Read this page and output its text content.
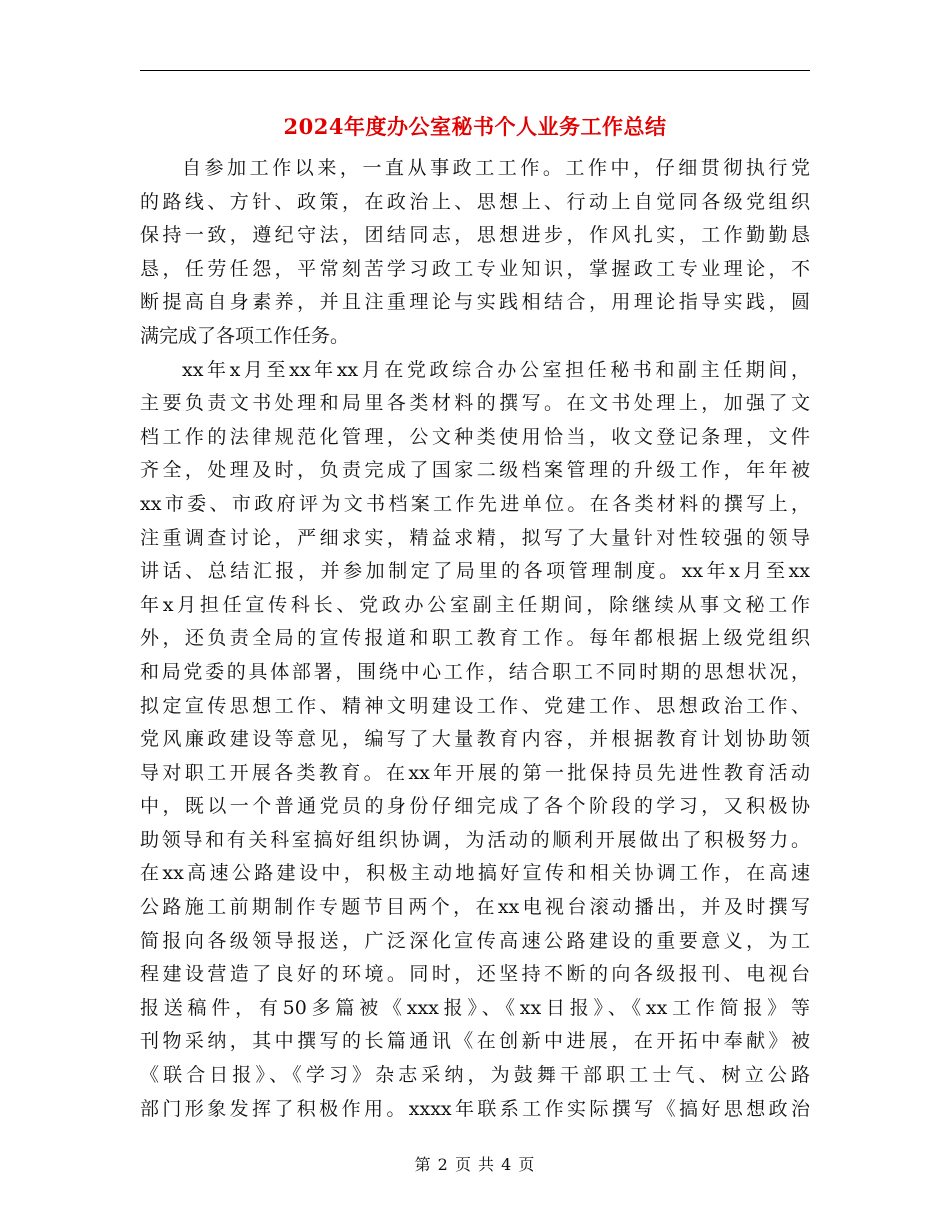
2024年度办公室秘书个人业务工作总结
自参加工作以来，一直从事政工工作。工作中，仔细贯彻执行党
的路线、方针、政策，在政治上、思想上、行动上自觉同各级党组织
保持一致，遵纪守法，团结同志，思想进步，作风扎实，工作勤勤恳
恳，任劳任怨，平常刻苦学习政工专业知识，掌握政工专业理论，不
断提高自身素养，并且注重理论与实践相结合，用理论指导实践，圆
满完成了各项工作任务。
xx年x月至xx年xx月在党政综合办公室担任秘书和副主任期间，
主要负责文书处理和局里各类材料的撰写。在文书处理上，加强了文
档工作的法律规范化管理，公文种类使用恰当，收文登记条理，文件
齐全，处理及时，负责完成了国家二级档案管理的升级工作，年年被
xx市委、市政府评为文书档案工作先进单位。在各类材料的撰写上，
注重调查讨论，严细求实，精益求精，拟写了大量针对性较强的领导
讲话、总结汇报，并参加制定了局里的各项管理制度。xx年x月至xx
年x月担任宣传科长、党政办公室副主任期间，除继续从事文秘工作
外，还负责全局的宣传报道和职工教育工作。每年都根据上级党组织
和局党委的具体部署，围绕中心工作，结合职工不同时期的思想状况，
拟定宣传思想工作、精神文明建设工作、党建工作、思想政治工作、
党风廉政建设等意见，编写了大量教育内容，并根据教育计划协助领
导对职工开展各类教育。在xx年开展的第一批保持员先进性教育活动
中，既以一个普通党员的身份仔细完成了各个阶段的学习，又积极协
助领导和有关科室搞好组织协调，为活动的顺利开展做出了积极努力。
在xx高速公路建设中，积极主动地搞好宣传和相关协调工作，在高速
公路施工前期制作专题节目两个，在xx电视台滚动播出，并及时撰写
简报向各级领导报送，广泛深化宣传高速公路建设的重要意义，为工
程建设营造了良好的环境。同时，还坚持不断的向各级报刊、电视台
报送稿件，有50多篇被《xxx报》、《xx日报》、《xx工作简报》等
刊物采纳，其中撰写的长篇通讯《在创新中进展，在开拓中奉献》被
《联合日报》、《学习》杂志采纳，为鼓舞干部职工士气、树立公路
部门形象发挥了积极作用。xxxx年联系工作实际撰写《搞好思想政治
第 2 页 共 4 页
